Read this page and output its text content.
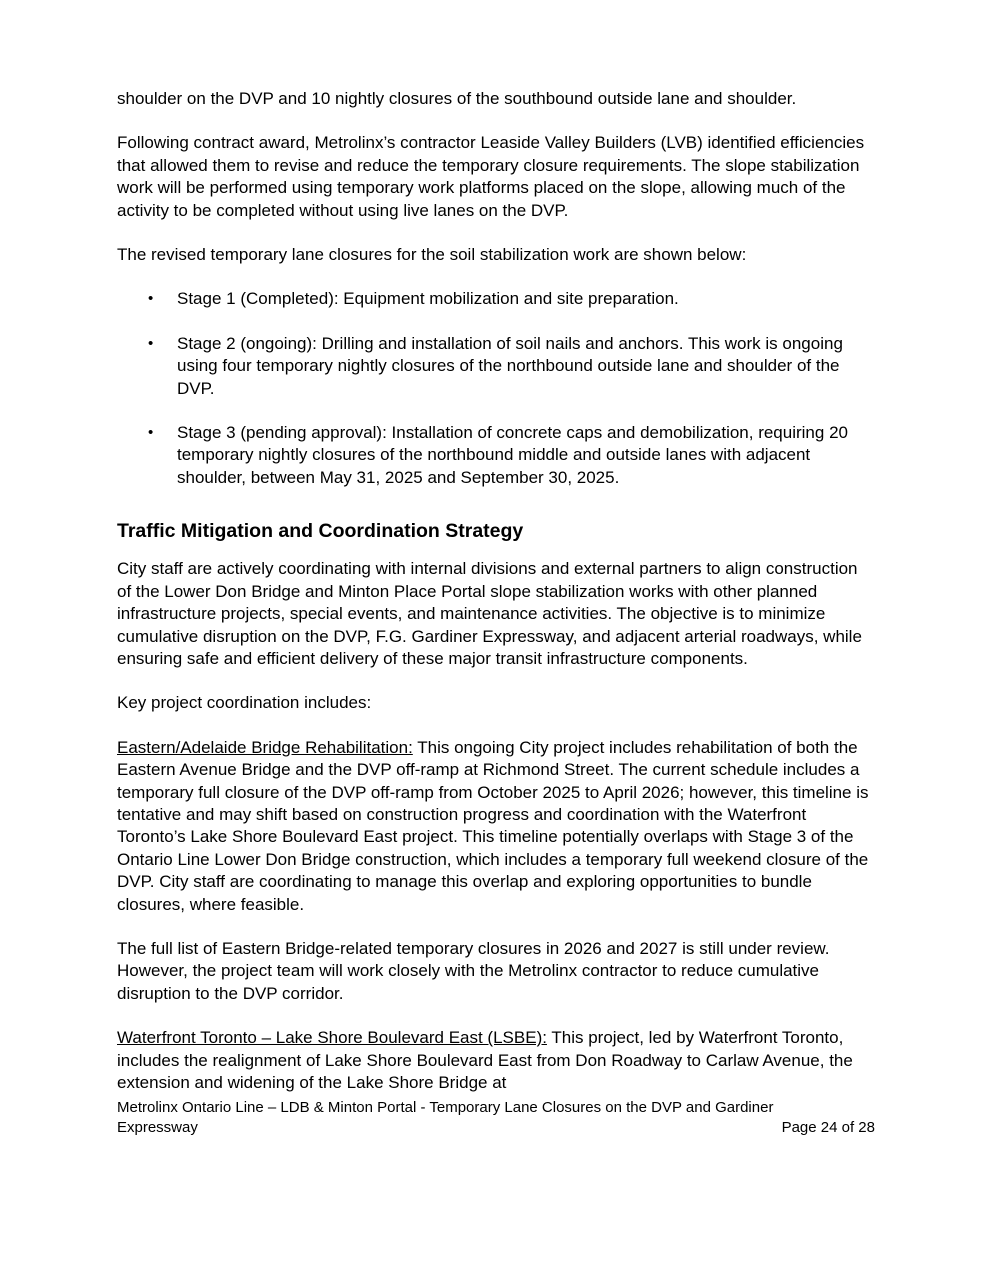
shoulder on the DVP and 10 nightly closures of the southbound outside lane and shoulder.

Following contract award, Metrolinx’s contractor Leaside Valley Builders (LVB) identified efficiencies that allowed them to revise and reduce the temporary closure requirements. The slope stabilization work will be performed using temporary work platforms placed on the slope, allowing much of the activity to be completed without using live lanes on the DVP.

The revised temporary lane closures for the soil stabilization work are shown below:

•	Stage 1 (Completed): Equipment mobilization and site preparation.
•	Stage 2 (ongoing): Drilling and installation of soil nails and anchors. This work is ongoing using four temporary nightly closures of the northbound outside lane and shoulder of the DVP.
•	Stage 3 (pending approval): Installation of concrete caps and demobilization, requiring 20 temporary nightly closures of the northbound middle and outside lanes with adjacent shoulder, between May 31, 2025 and September 30, 2025.
Traffic Mitigation and Coordination Strategy

City staff are actively coordinating with internal divisions and external partners to align construction of the Lower Don Bridge and Minton Place Portal slope stabilization works with other planned infrastructure projects, special events, and maintenance activities. The objective is to minimize cumulative disruption on the DVP, F.G. Gardiner Expressway, and adjacent arterial roadways, while ensuring safe and efficient delivery of these major transit infrastructure components.

Key project coordination includes:

Eastern/Adelaide Bridge Rehabilitation: This ongoing City project includes rehabilitation of both the Eastern Avenue Bridge and the DVP off-ramp at Richmond Street. The current schedule includes a temporary full closure of the DVP off-ramp from October 2025 to April 2026; however, this timeline is tentative and may shift based on construction progress and coordination with the Waterfront Toronto’s Lake Shore Boulevard East project. This timeline potentially overlaps with Stage 3 of the Ontario Line Lower Don Bridge construction, which includes a temporary full weekend closure of the DVP. City staff are coordinating to manage this overlap and exploring opportunities to bundle closures, where feasible.

The full list of Eastern Bridge-related temporary closures in 2026 and 2027 is still under review. However, the project team will work closely with the Metrolinx contractor to reduce cumulative disruption to the DVP corridor.

Waterfront Toronto – Lake Shore Boulevard East (LSBE): This project, led by Waterfront Toronto, includes the realignment of Lake Shore Boulevard East from Don Roadway to Carlaw Avenue, the extension and widening of the Lake Shore Bridge at

Metrolinx Ontario Line – LDB & Minton Portal - Temporary Lane Closures on the DVP and Gardiner
Expressway	Page 24 of 28
